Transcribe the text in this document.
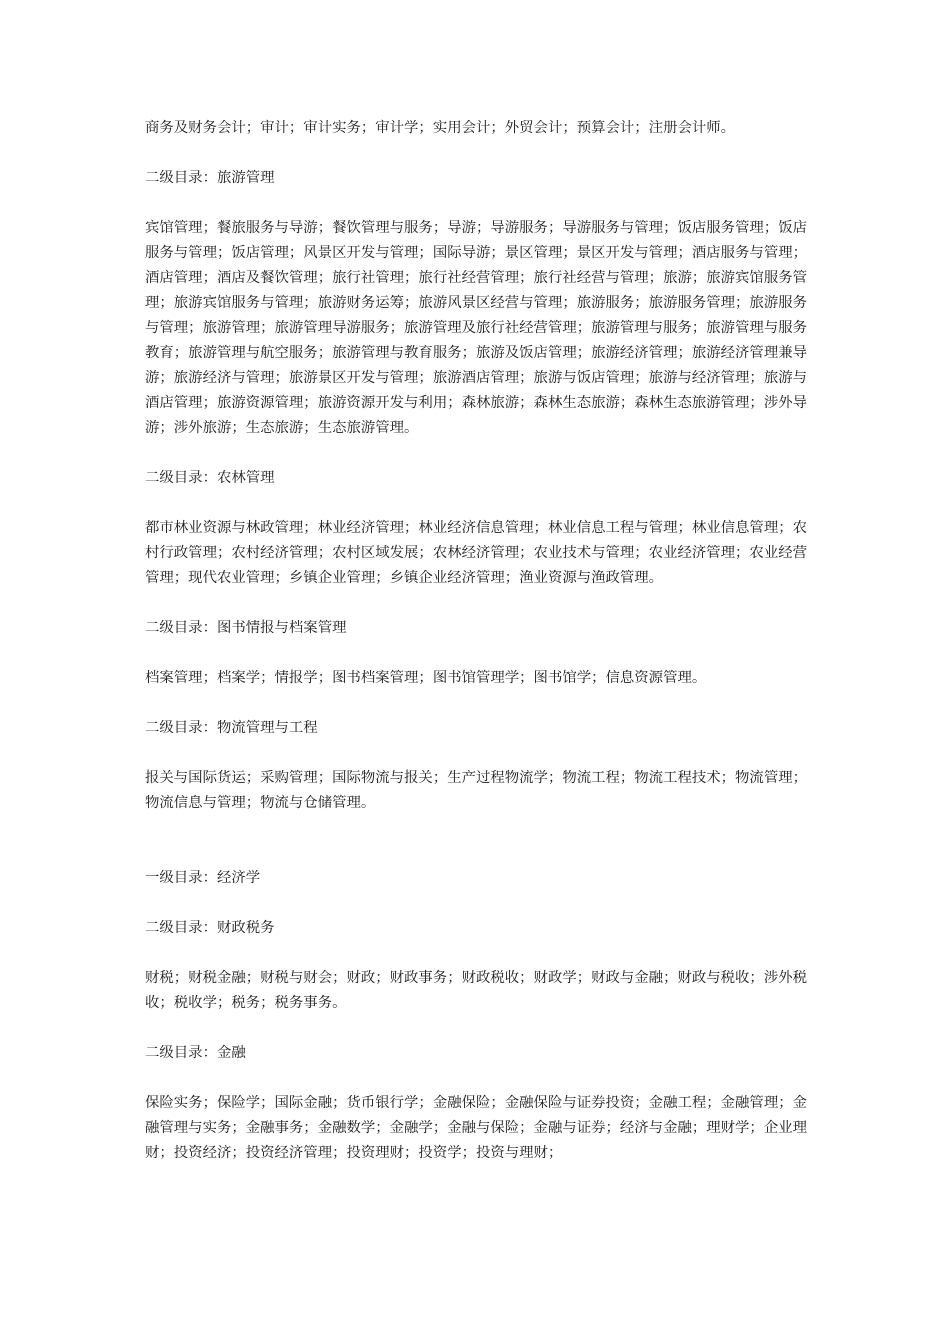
商务及财务会计；审计；审计实务；审计学；实用会计；外贸会计；预算会计；注册会计师。

二级目录：旅游管理

宾馆管理；餐旅服务与导游；餐饮管理与服务；导游；导游服务；导游服务与管理；饭店服务管理；饭店服务与管理；饭店管理；风景区开发与管理；国际导游；景区管理；景区开发与管理；酒店服务与管理；酒店管理；酒店及餐饮管理；旅行社管理；旅行社经营管理；旅行社经营与管理；旅游；旅游宾馆服务管理；旅游宾馆服务与管理；旅游财务运筹；旅游风景区经营与管理；旅游服务；旅游服务管理；旅游服务与管理；旅游管理；旅游管理导游服务；旅游管理及旅行社经营管理；旅游管理与服务；旅游管理与服务教育；旅游管理与航空服务；旅游管理与教育服务；旅游及饭店管理；旅游经济管理；旅游经济管理兼导游；旅游经济与管理；旅游景区开发与管理；旅游酒店管理；旅游与饭店管理；旅游与经济管理；旅游与酒店管理；旅游资源管理；旅游资源开发与利用；森林旅游；森林生态旅游；森林生态旅游管理；涉外导游；涉外旅游；生态旅游；生态旅游管理。

二级目录：农林管理

都市林业资源与林政管理；林业经济管理；林业经济信息管理；林业信息工程与管理；林业信息管理；农村行政管理；农村经济管理；农村区域发展；农林经济管理；农业技术与管理；农业经济管理；农业经营管理；现代农业管理；乡镇企业管理；乡镇企业经济管理；渔业资源与渔政管理。

二级目录：图书情报与档案管理

档案管理；档案学；情报学；图书档案管理；图书馆管理学；图书馆学；信息资源管理。

二级目录：物流管理与工程

报关与国际货运；采购管理；国际物流与报关；生产过程物流学；物流工程；物流工程技术；物流管理；物流信息与管理；物流与仓储管理。

一级目录：经济学

二级目录：财政税务

财税；财税金融；财税与财会；财政；财政事务；财政税收；财政学；财政与金融；财政与税收；涉外税收；税收学；税务；税务事务。

二级目录：金融

保险实务；保险学；国际金融；货币银行学；金融保险；金融保险与证券投资；金融工程；金融管理；金融管理与实务；金融事务；金融数学；金融学；金融与保险；金融与证券；经济与金融；理财学；企业理财；投资经济；投资经济管理；投资理财；投资学；投资与理财；
